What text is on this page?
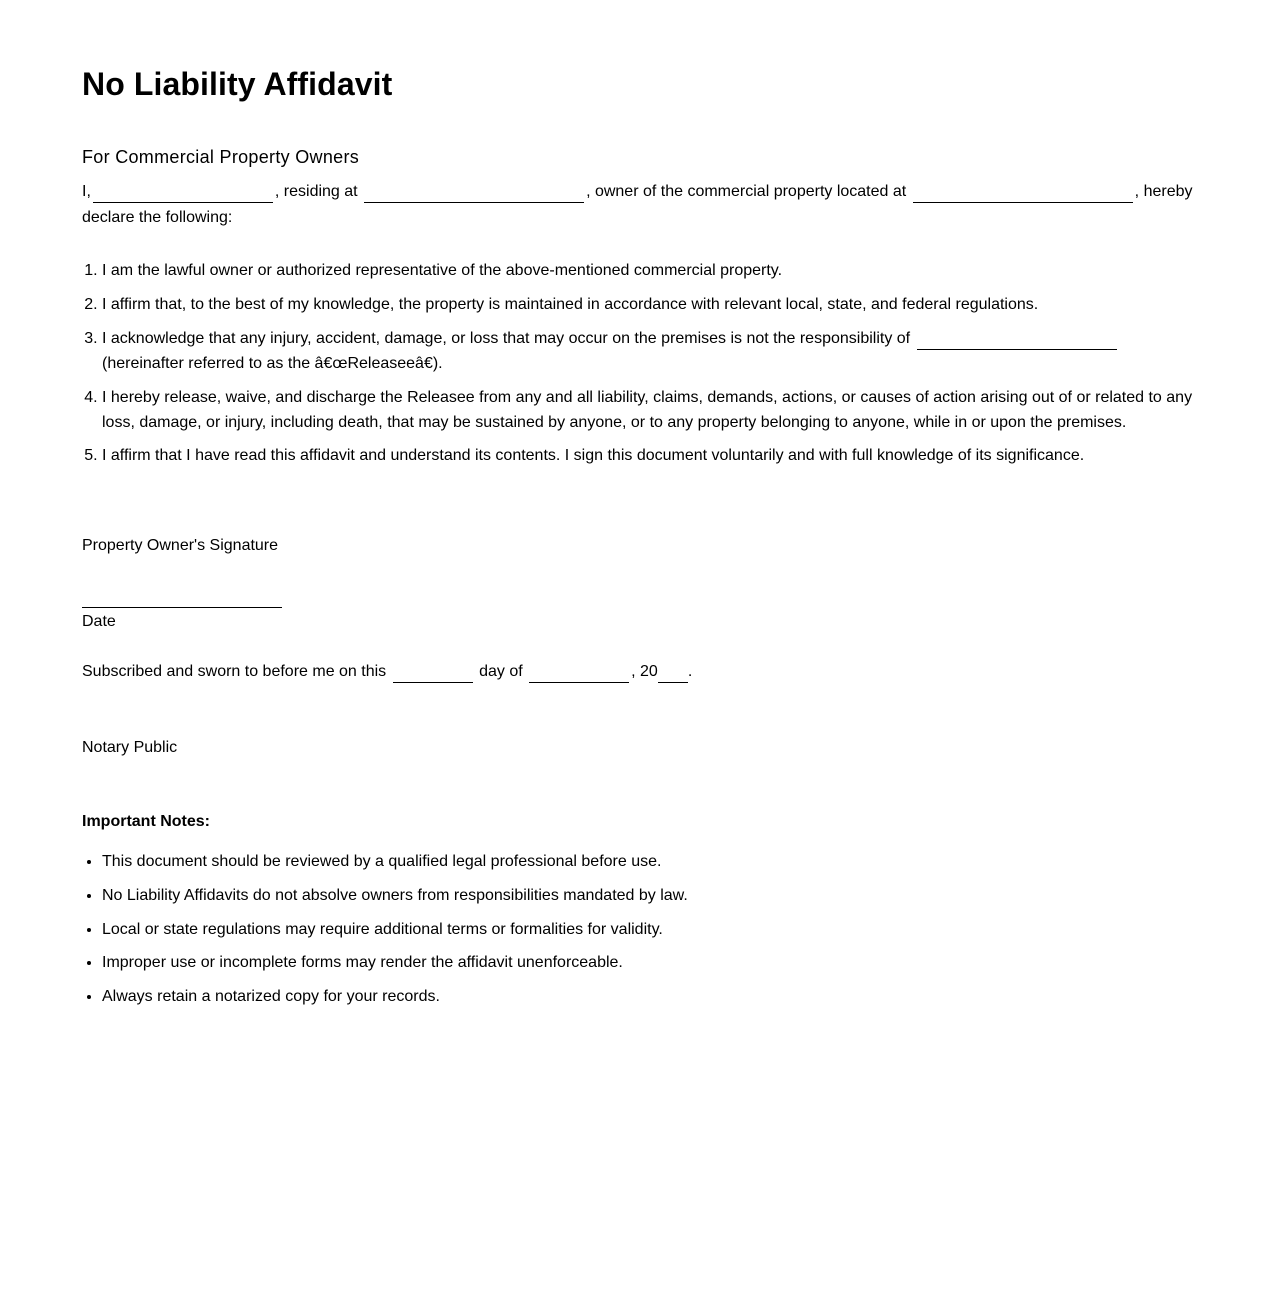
No Liability Affidavit
For Commercial Property Owners

I,	, residing at	, owner of the commercial property located at	, hereby declare the following:

1. I am the lawful owner or authorized representative of the above-mentioned commercial property.
2. I affirm that, to the best of my knowledge, the property is maintained in accordance with relevant local, state, and federal regulations.
3. I acknowledge that any injury, accident, damage, or loss that may occur on the premises is not the responsibility of
(hereinafter referred to as the â€œReleaseeâ€).
4. I hereby release, waive, and discharge the Releasee from any and all liability, claims, demands, actions, or causes of action arising out of or related to any loss, damage, or injury, including death, that may be sustained by anyone, or to any property belonging to anyone, while in or upon the premises.
5. I affirm that I have read this affidavit and understand its contents. I sign this document voluntarily and with full knowledge of its significance.

Property Owner's Signature

Date

Subscribed and sworn to before me on this	day of	, 20 .

Notary Public

Important Notes:

• This document should be reviewed by a qualified legal professional before use.
• No Liability Affidavits do not absolve owners from responsibilities mandated by law.
• Local or state regulations may require additional terms or formalities for validity.
• Improper use or incomplete forms may render the affidavit unenforceable.
• Always retain a notarized copy for your records.
